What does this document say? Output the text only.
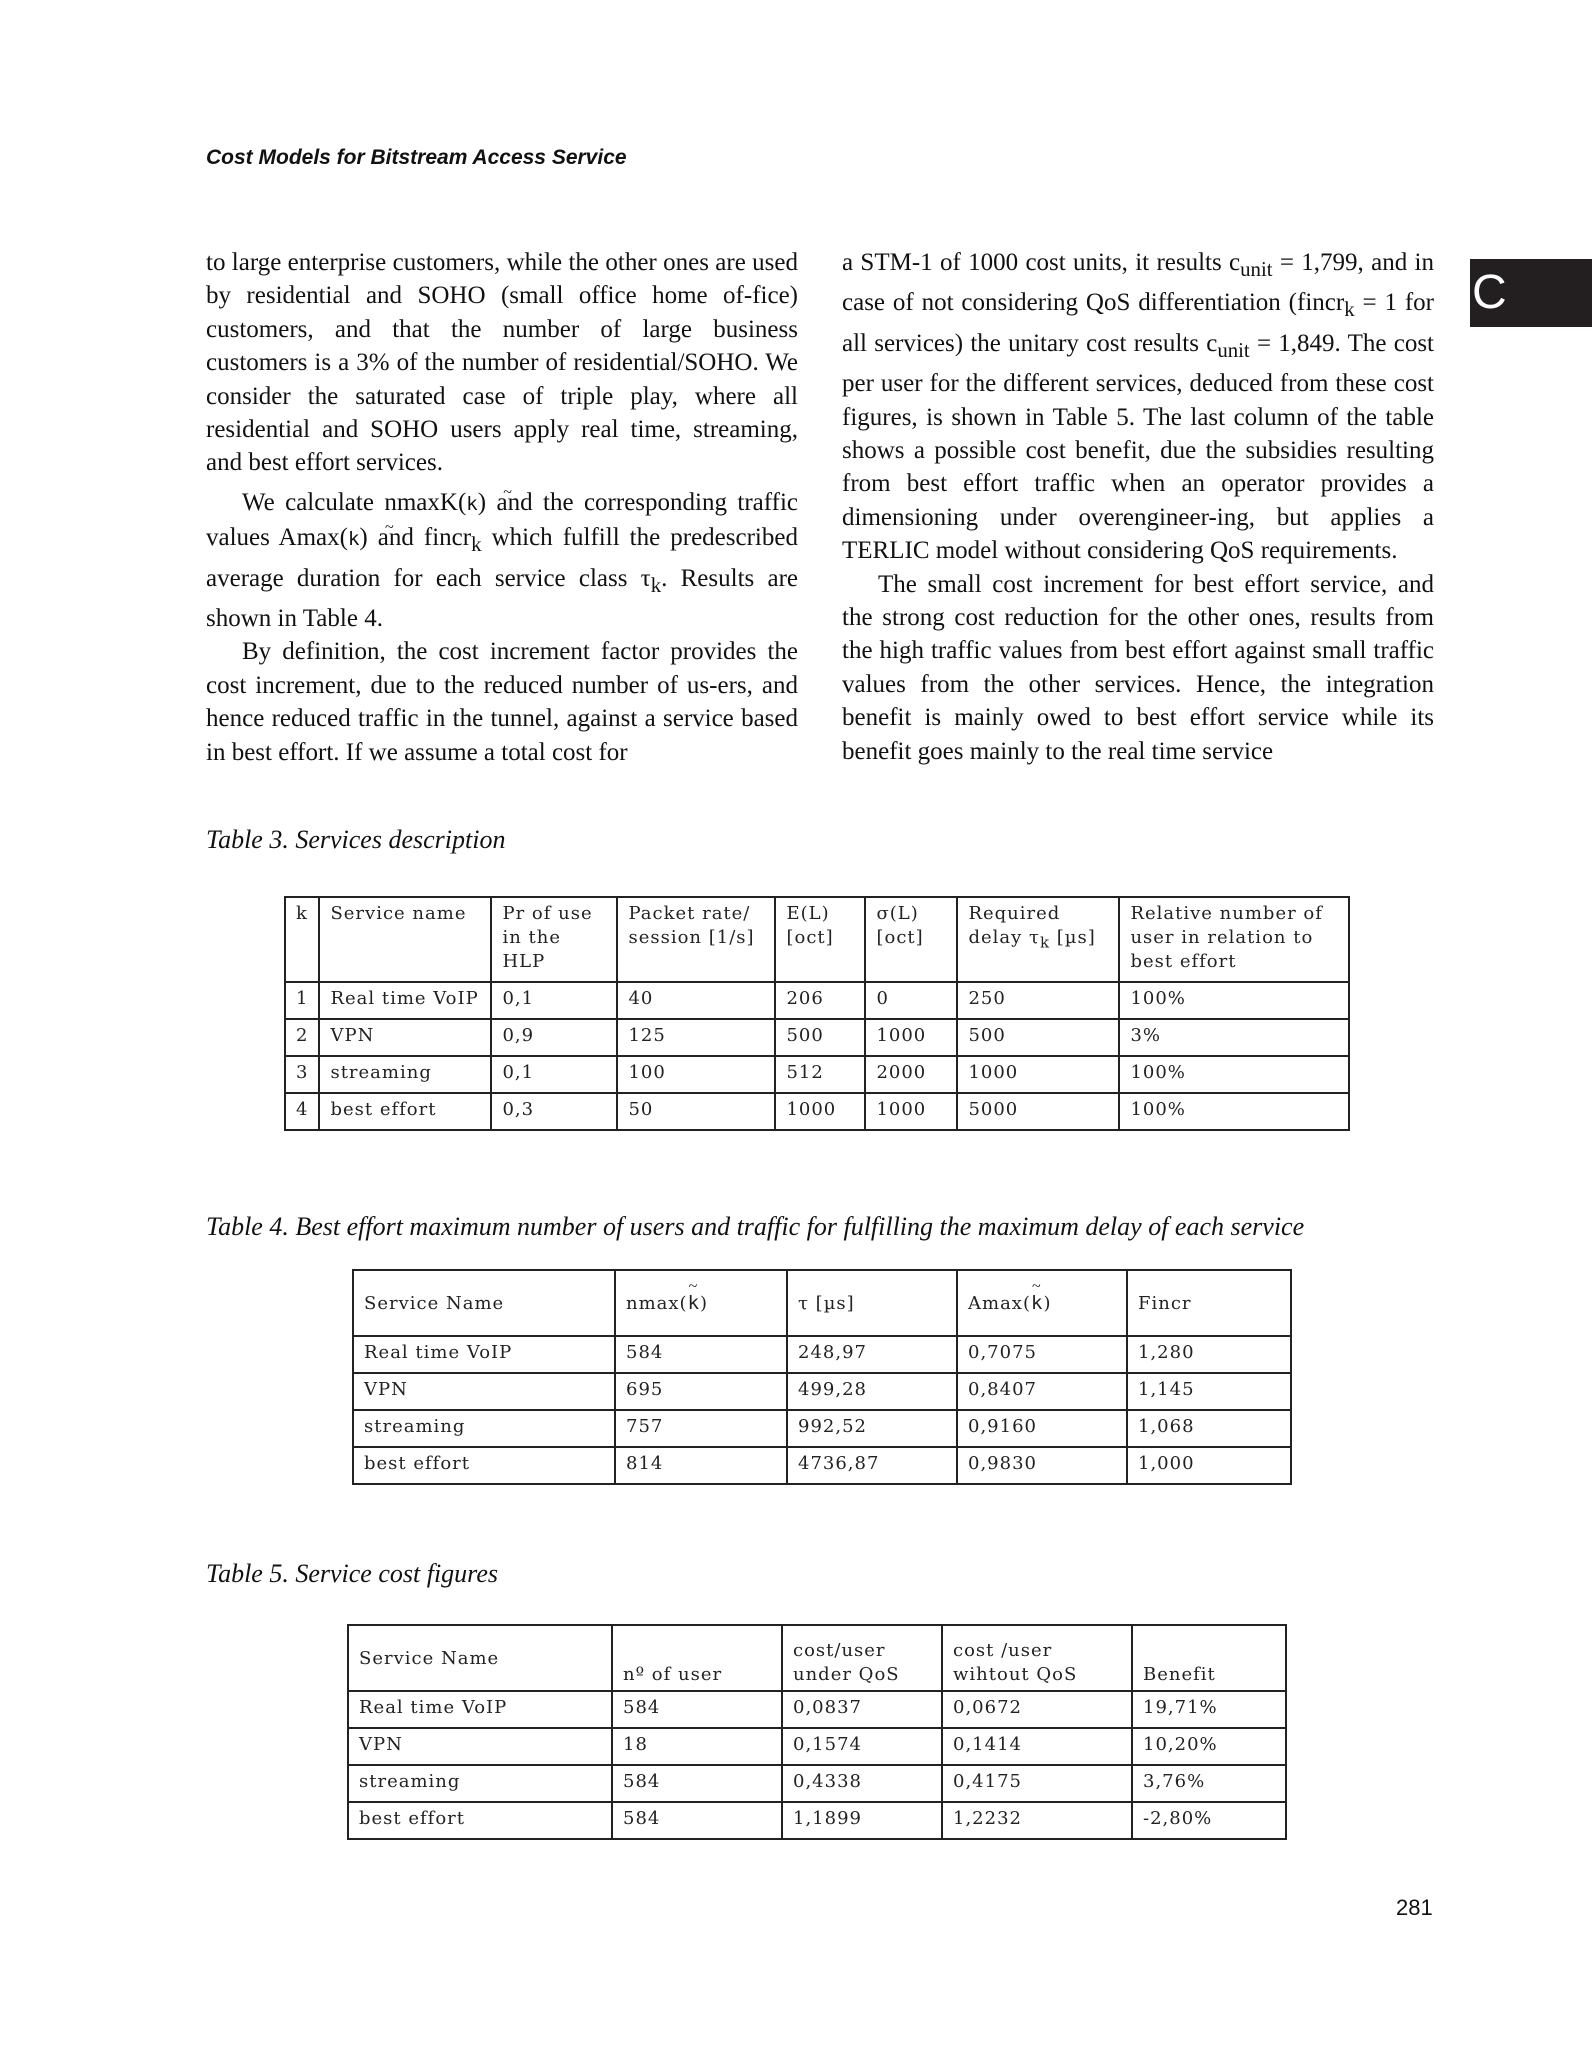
Cost Models for Bitstream Access Service
C

to large enterprise customers, while the other ones are used by residential and SOHO (small office home of-fice) customers, and that the number of large business customers is a 3% of the number of residential/SOHO. We consider the saturated case of triple play, where all residential and SOHO users apply real time, streaming, and best effort services.

We calculate nmaxK(~ k) and the corresponding traffic values Amax(~ k) and fincr$_k$ which fulfill the predescribed average duration for each service class $\tau_k$. Results are shown in Table 4.

By definition, the cost increment factor provides the cost increment, due to the reduced number of us-ers, and hence reduced traffic in the tunnel, against a service based in best effort. If we assume a total cost for

a STM-1 of 1000 cost units, it results $c_{unit} = 1,799$, and in case of not considering QoS differentiation (fincr$_k$ = 1 for all services) the unitary cost results $c_{unit} = 1,849$. The cost per user for the different services, deduced from these cost figures, is shown in Table 5. The last column of the table shows a possible cost benefit, due the subsidies resulting from best effort traffic when an operator provides a dimensioning under overengineer-ing, but applies a TERLIC model without considering QoS requirements.

The small cost increment for best effort service, and the strong cost reduction for the other ones, results from the high traffic values from best effort against small traffic values from the other services. Hence, the integration benefit is mainly owed to best effort service while its benefit goes mainly to the real time service

Table 3. Services description
k	Service name	Pr of use in the HLP	Packet rate/ session [1/s]	E(L) [oct]	σ(L) [oct]	Required delay $\tau_k$ [µs]	Relative number of user in relation to best effort
1	Real time VoIP	0,1	40	206	0	250	100%
2	VPN	0,9	125	500	1000	500	3%
3	streaming	0,1	100	512	2000	1000	100%
4	best effort	0,3	50	1000	1000	5000	100%
Table 4. Best effort maximum number of users and traffic for fulfilling the maximum delay of each service
Service Name	nmax(~ k)	τ [µs]	Amax(~ k)	Fincr
Real time VoIP	584	248,97	0,7075	1,280
VPN	695	499,28	0,8407	1,145
streaming	757	992,52	0,9160	1,068
best effort	814	4736,87	0,9830	1,000
Table 5. Service cost figures
Service Name	nº of user	cost/user under QoS	cost /user wihtout QoS	Benefit
Real time VoIP	584	0,0837	0,0672	19,71%
VPN	18	0,1574	0,1414	10,20%
streaming	584	0,4338	0,4175	3,76%
best effort	584	1,1899	1,2232	-2,80%
281
